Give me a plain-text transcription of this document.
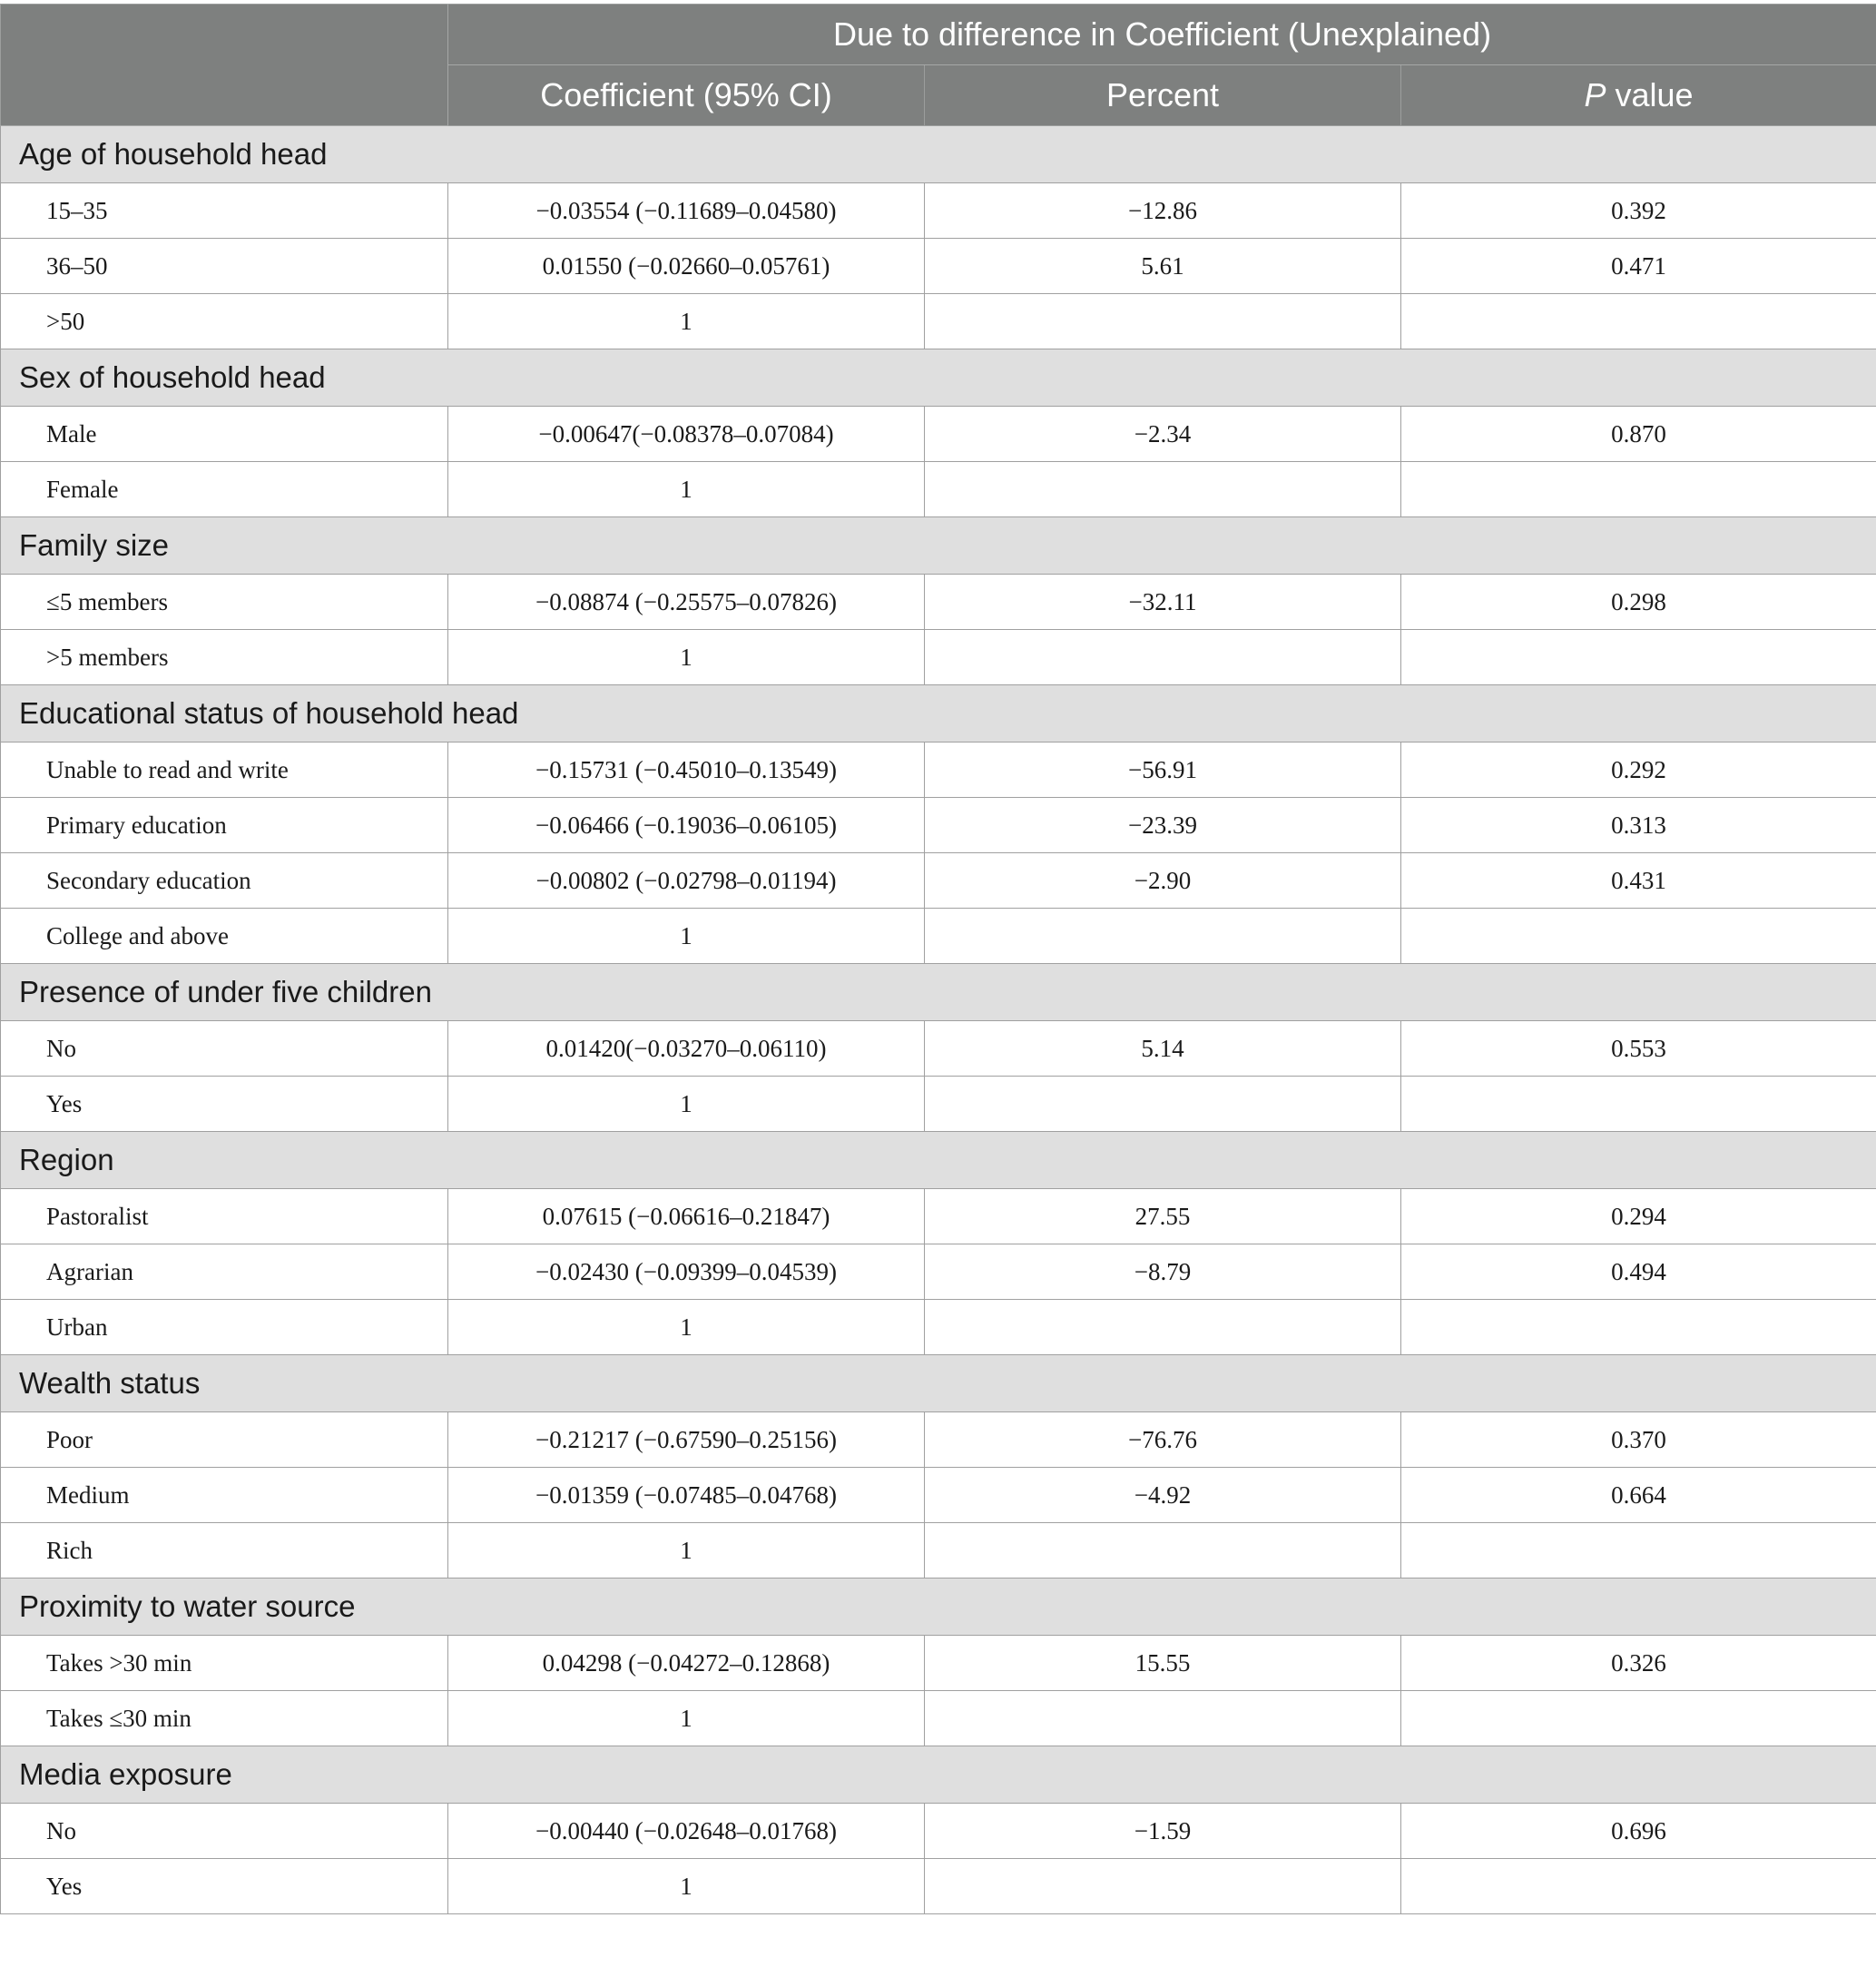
	Due to difference in Coefficient (Unexplained)		
	Coefficient (95% CI)	Percent	P value
Age of household head			
15–35	−0.03554 (−0.11689–0.04580)	−12.86	0.392
36–50	0.01550 (−0.02660–0.05761)	5.61	0.471
>50	1		
Sex of household head			
Male	−0.00647(−0.08378–0.07084)	−2.34	0.870
Female	1		
Family size			
≤5 members	−0.08874 (−0.25575–0.07826)	−32.11	0.298
>5 members	1		
Educational status of household head			
Unable to read and write	−0.15731 (−0.45010–0.13549)	−56.91	0.292
Primary education	−0.06466 (−0.19036–0.06105)	−23.39	0.313
Secondary education	−0.00802 (−0.02798–0.01194)	−2.90	0.431
College and above	1		
Presence of under five children			
No	0.01420(−0.03270–0.06110)	5.14	0.553
Yes	1		
Region			
Pastoralist	0.07615 (−0.06616–0.21847)	27.55	0.294
Agrarian	−0.02430 (−0.09399–0.04539)	−8.79	0.494
Urban	1		
Wealth status			
Poor	−0.21217 (−0.67590–0.25156)	−76.76	0.370
Medium	−0.01359 (−0.07485–0.04768)	−4.92	0.664
Rich	1		
Proximity to water source			
Takes >30 min	0.04298 (−0.04272–0.12868)	15.55	0.326
Takes ≤30 min	1		
Media exposure			
No	−0.00440 (−0.02648–0.01768)	−1.59	0.696
Yes	1		
